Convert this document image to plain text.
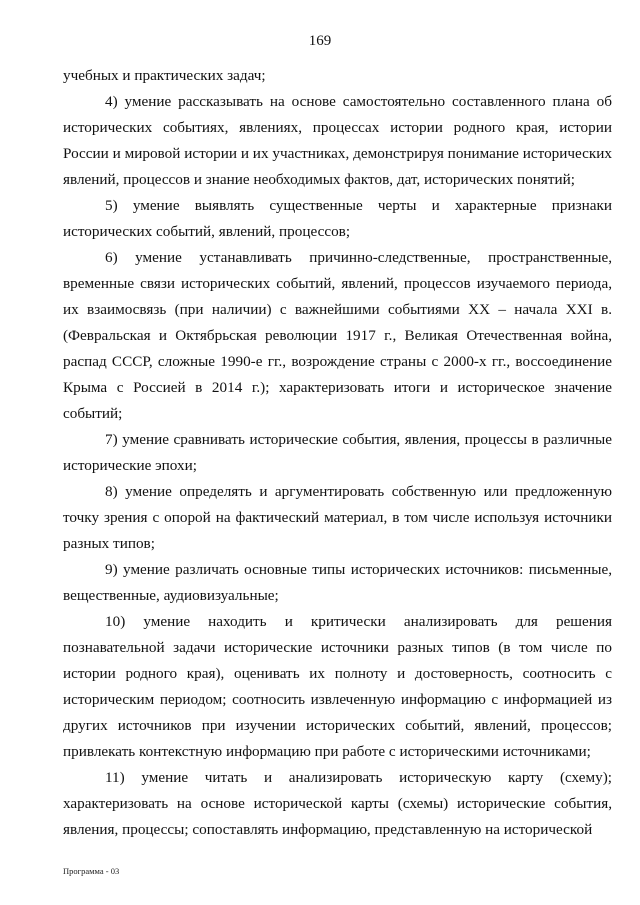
169

учебных и практических задач;

4) умение рассказывать на основе самостоятельно составленного плана об исторических событиях, явлениях, процессах истории родного края, истории России и мировой истории и их участниках, демонстрируя понимание исторических явлений, процессов и знание необходимых фактов, дат, исторических понятий;

5) умение выявлять существенные черты и характерные признаки исторических событий, явлений, процессов;

6) умение устанавливать причинно-следственные, пространственные, временные связи исторических событий, явлений, процессов изучаемого периода, их взаимосвязь (при наличии) с важнейшими событиями XX – начала XXI в. (Февральская и Октябрьская революции 1917 г., Великая Отечественная война, распад СССР, сложные 1990-е гг., возрождение страны с 2000-х гг., воссоединение Крыма с Россией в 2014 г.); характеризовать итоги и историческое значение событий;

7) умение сравнивать исторические события, явления, процессы в различные исторические эпохи;

8) умение определять и аргументировать собственную или предложенную точку зрения с опорой на фактический материал, в том числе используя источники разных типов;

9) умение различать основные типы исторических источников: письменные, вещественные, аудиовизуальные;

10) умение находить и критически анализировать для решения познавательной задачи исторические источники разных типов (в том числе по истории родного края), оценивать их полноту и достоверность, соотносить с историческим периодом; соотносить извлеченную информацию с информацией из других источников при изучении исторических событий, явлений, процессов; привлекать контекстную информацию при работе с историческими источниками;

11) умение читать и анализировать историческую карту (схему); характеризовать на основе исторической карты (схемы) исторические события, явления, процессы; сопоставлять информацию, представленную на исторической

Программа - 03
